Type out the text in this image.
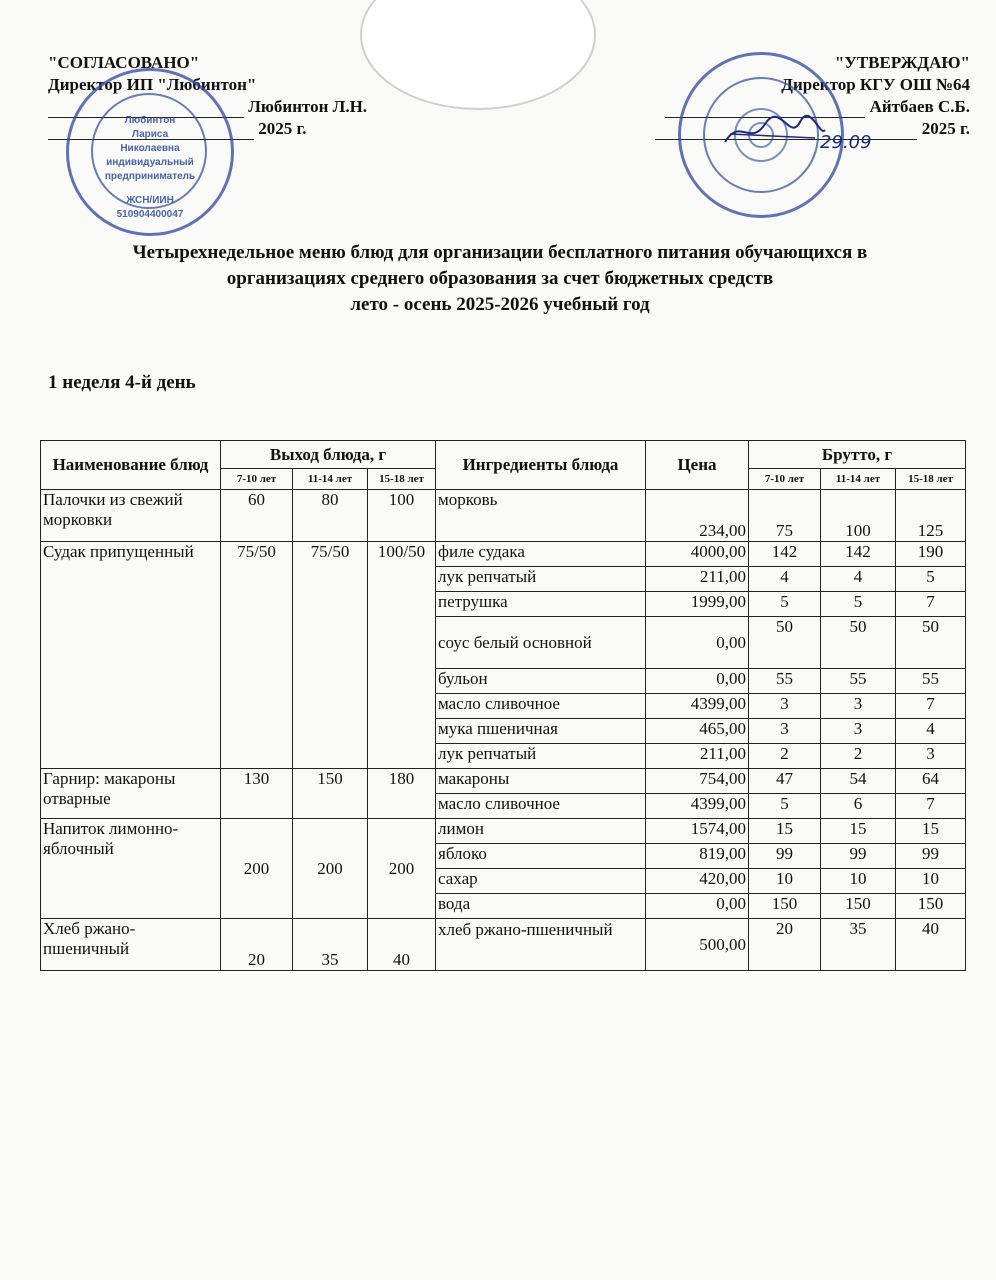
"СОГЛАСОВАНО"
Директор ИП "Любинтон"
Любинтон Л.Н.
2025 г.
Любинтон
Лариса
Николаевна
индивидуальный
предприниматель
ЖСН/ИИН
510904400047
"УТВЕРЖДАЮ"
Директор КГУ ОШ №64
Айтбаев С.Б.
2025 г.
29.09
Четырехнедельное меню блюд для организации бесплатного питания обучающихся в
организациях среднего образования за счет бюджетных средств
лето - осень 2025-2026 учебный год
1 неделя 4-й день
Наименование блюд	Выход блюда, г			Ингредиенты блюда	Цена	Брутто, г		
	7-10 лет	11-14 лет	15-18 лет			7-10 лет	11-14 лет	15-18 лет
Палочки из свежий морковки	60	80	100	морковь	234,00	75	100	125
Судак припущенный	75/50	75/50	100/50	филе судака	4000,00	142	142	190
				лук репчатый	211,00	4	4	5
				петрушка	1999,00	5	5	7
				соус белый основной	0,00	50	50	50
				бульон	0,00	55	55	55
				масло сливочное	4399,00	3	3	7
				мука пшеничная	465,00	3	3	4
				лук репчатый	211,00	2	2	3
Гарнир: макароны отварные	130	150	180	макароны	754,00	47	54	64
				масло сливочное	4399,00	5	6	7
Напиток лимонно-яблочный	200	200	200	лимон	1574,00	15	15	15
				яблоко	819,00	99	99	99
				сахар	420,00	10	10	10
				вода	0,00	150	150	150
Хлеб ржано-пшеничный	20	35	40	хлеб ржано-пшеничный	500,00	20	35	40
